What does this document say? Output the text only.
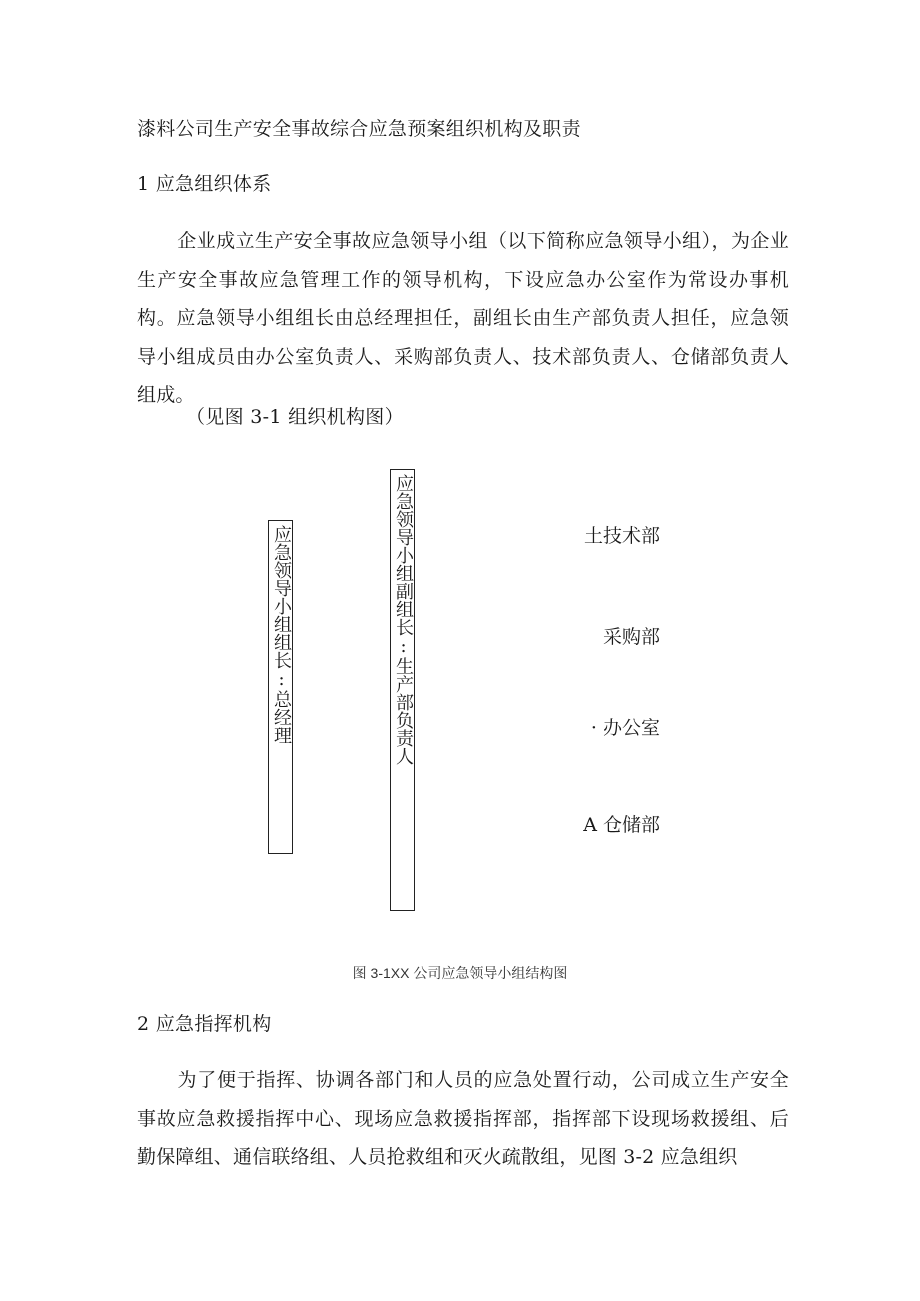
漆料公司生产安全事故综合应急预案组织机构及职责
1 应急组织体系
企业成立生产安全事故应急领导小组（以下简称应急领导小组），为企业生产安全事故应急管理工作的领导机构，下设应急办公室作为常设办事机构。应急领导小组组长由总经理担任，副组长由生产部负责人担任，应急领导小组成员由办公室负责人、采购部负责人、技术部负责人、仓储部负责人组成。
（见图 3-1 组织机构图）
应急领导小组组长:总经理	应急领导小组副组长:生产部负责人	土技术部
采购部
· 办公室
A 仓储部
图 3-1XX 公司应急领导小组结构图
2 应急指挥机构
为了便于指挥、协调各部门和人员的应急处置行动，公司成立生产安全事故应急救援指挥中心、现场应急救援指挥部，指挥部下设现场救援组、后勤保障组、通信联络组、人员抢救组和灭火疏散组，见图 3-2 应急组织
